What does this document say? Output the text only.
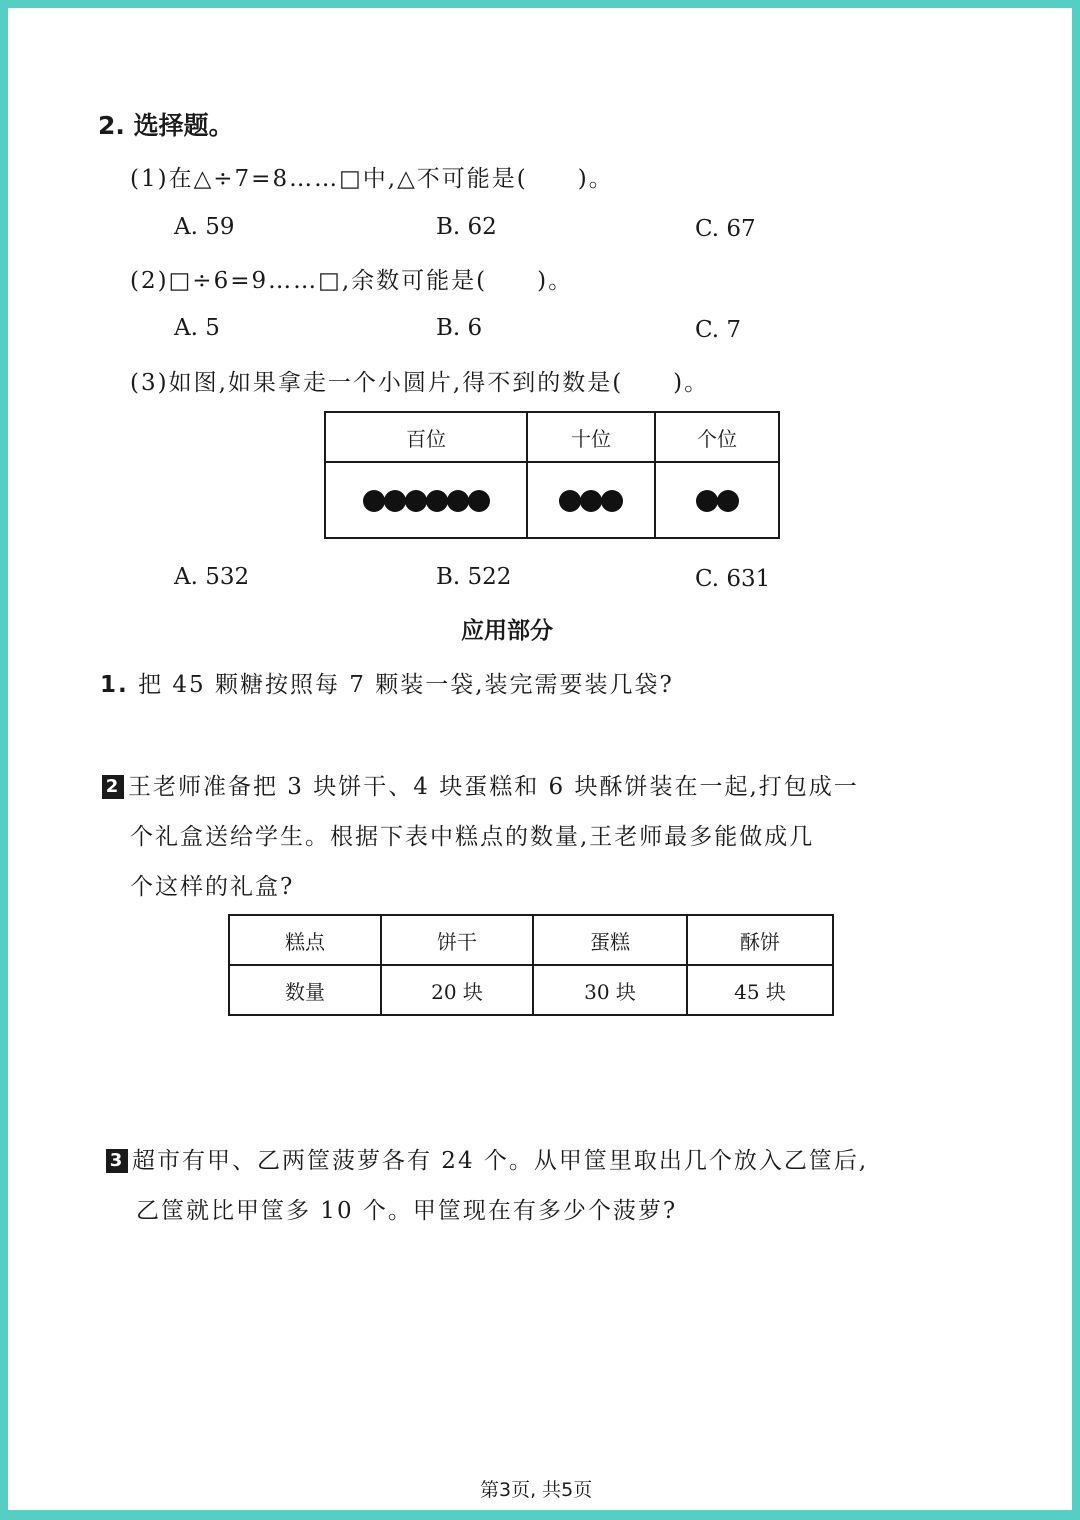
2. 选择题。
(1)在△÷7=8……□中,△不可能是(　　)。
A. 59	B. 62	C. 67
(2)□÷6=9……□,余数可能是(　　)。
A. 5	B. 6	C. 7
(3)如图,如果拿走一个小圆片,得不到的数是(　　)。
百位	十位	个位

A. 532	B. 522	C. 631
应用部分
1. 把 45 颗糖按照每 7 颗装一袋,装完需要装几袋?
2 王老师准备把 3 块饼干、4 块蛋糕和 6 块酥饼装在一起,打包成一
个礼盒送给学生。根据下表中糕点的数量,王老师最多能做成几
个这样的礼盒?
糕点	饼干	蛋糕	酥饼
数量	20 块	30 块	45 块
3 超市有甲、乙两筐菠萝各有 24 个。从甲筐里取出几个放入乙筐后,
乙筐就比甲筐多 10 个。甲筐现在有多少个菠萝?
第3页, 共5页
